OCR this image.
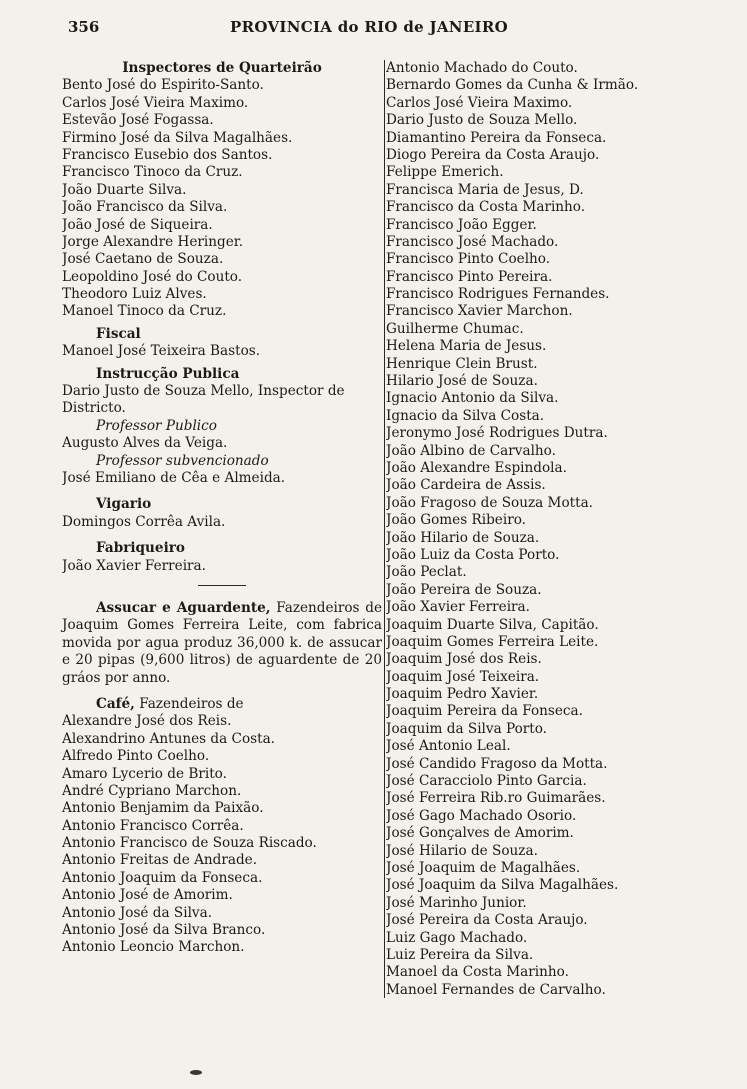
356	PROVINCIA do RIO de JANEIRO
Inspectores de Quarteirão
Bento José do Espirito-Santo.
Carlos José Vieira Maximo.
Estevão José Fogassa.
Firmino José da Silva Magalhães.
Francisco Eusebio dos Santos.
Francisco Tinoco da Cruz.
João Duarte Silva.
João Francisco da Silva.
João José de Siqueira.
Jorge Alexandre Heringer.
José Caetano de Souza.
Leopoldino José do Couto.
Theodoro Luiz Alves.
Manoel Tinoco da Cruz.
Fiscal
Manoel José Teixeira Bastos.
Instrucção Publica
Dario Justo de Souza Mello, Inspector de
Districto.
Professor Publico
Augusto Alves da Veiga.
Professor subvencionado
José Emiliano de Cêa e Almeida.
Vigario
Domingos Corrêa Avila.
Fabriqueiro
João Xavier Ferreira.
Assucar e Aguardente, Fazendeiros de Joaquim Gomes Ferreira Leite, com fabrica movida por agua produz 36,000 k. de assucar e 20 pipas (9,600 litros) de aguardente de 20 gráos por anno.
Café, Fazendeiros de
Alexandre José dos Reis.
Alexandrino Antunes da Costa.
Alfredo Pinto Coelho.
Amaro Lycerio de Brito.
André Cypriano Marchon.
Antonio Benjamim da Paixão.
Antonio Francisco Corrêa.
Antonio Francisco de Souza Riscado.
Antonio Freitas de Andrade.
Antonio Joaquim da Fonseca.
Antonio José de Amorim.
Antonio José da Silva.
Antonio José da Silva Branco.
Antonio Leoncio Marchon.
Antonio Machado do Couto.
Bernardo Gomes da Cunha & Irmão.
Carlos José Vieira Maximo.
Dario Justo de Souza Mello.
Diamantino Pereira da Fonseca.
Diogo Pereira da Costa Araujo.
Felippe Emerich.
Francisca Maria de Jesus, D.
Francisco da Costa Marinho.
Francisco João Egger.
Francisco José Machado.
Francisco Pinto Coelho.
Francisco Pinto Pereira.
Francisco Rodrigues Fernandes.
Francisco Xavier Marchon.
Guilherme Chumac.
Helena Maria de Jesus.
Henrique Clein Brust.
Hilario José de Souza.
Ignacio Antonio da Silva.
Ignacio da Silva Costa.
Jeronymo José Rodrigues Dutra.
João Albino de Carvalho.
João Alexandre Espindola.
João Cardeira de Assis.
João Fragoso de Souza Motta.
João Gomes Ribeiro.
João Hilario de Souza.
João Luiz da Costa Porto.
João Peclat.
João Pereira de Souza.
João Xavier Ferreira.
Joaquim Duarte Silva, Capitão.
Joaquim Gomes Ferreira Leite.
Joaquim José dos Reis.
Joaquim José Teixeira.
Joaquim Pedro Xavier.
Joaquim Pereira da Fonseca.
Joaquim da Silva Porto.
José Antonio Leal.
José Candido Fragoso da Motta.
José Caracciolo Pinto Garcia.
José Ferreira Rib.ro Guimarães.
José Gago Machado Osorio.
José Gonçalves de Amorim.
José Hilario de Souza.
José Joaquim de Magalhães.
José Joaquim da Silva Magalhães.
José Marinho Junior.
José Pereira da Costa Araujo.
Luiz Gago Machado.
Luiz Pereira da Silva.
Manoel da Costa Marinho.
Manoel Fernandes de Carvalho.
